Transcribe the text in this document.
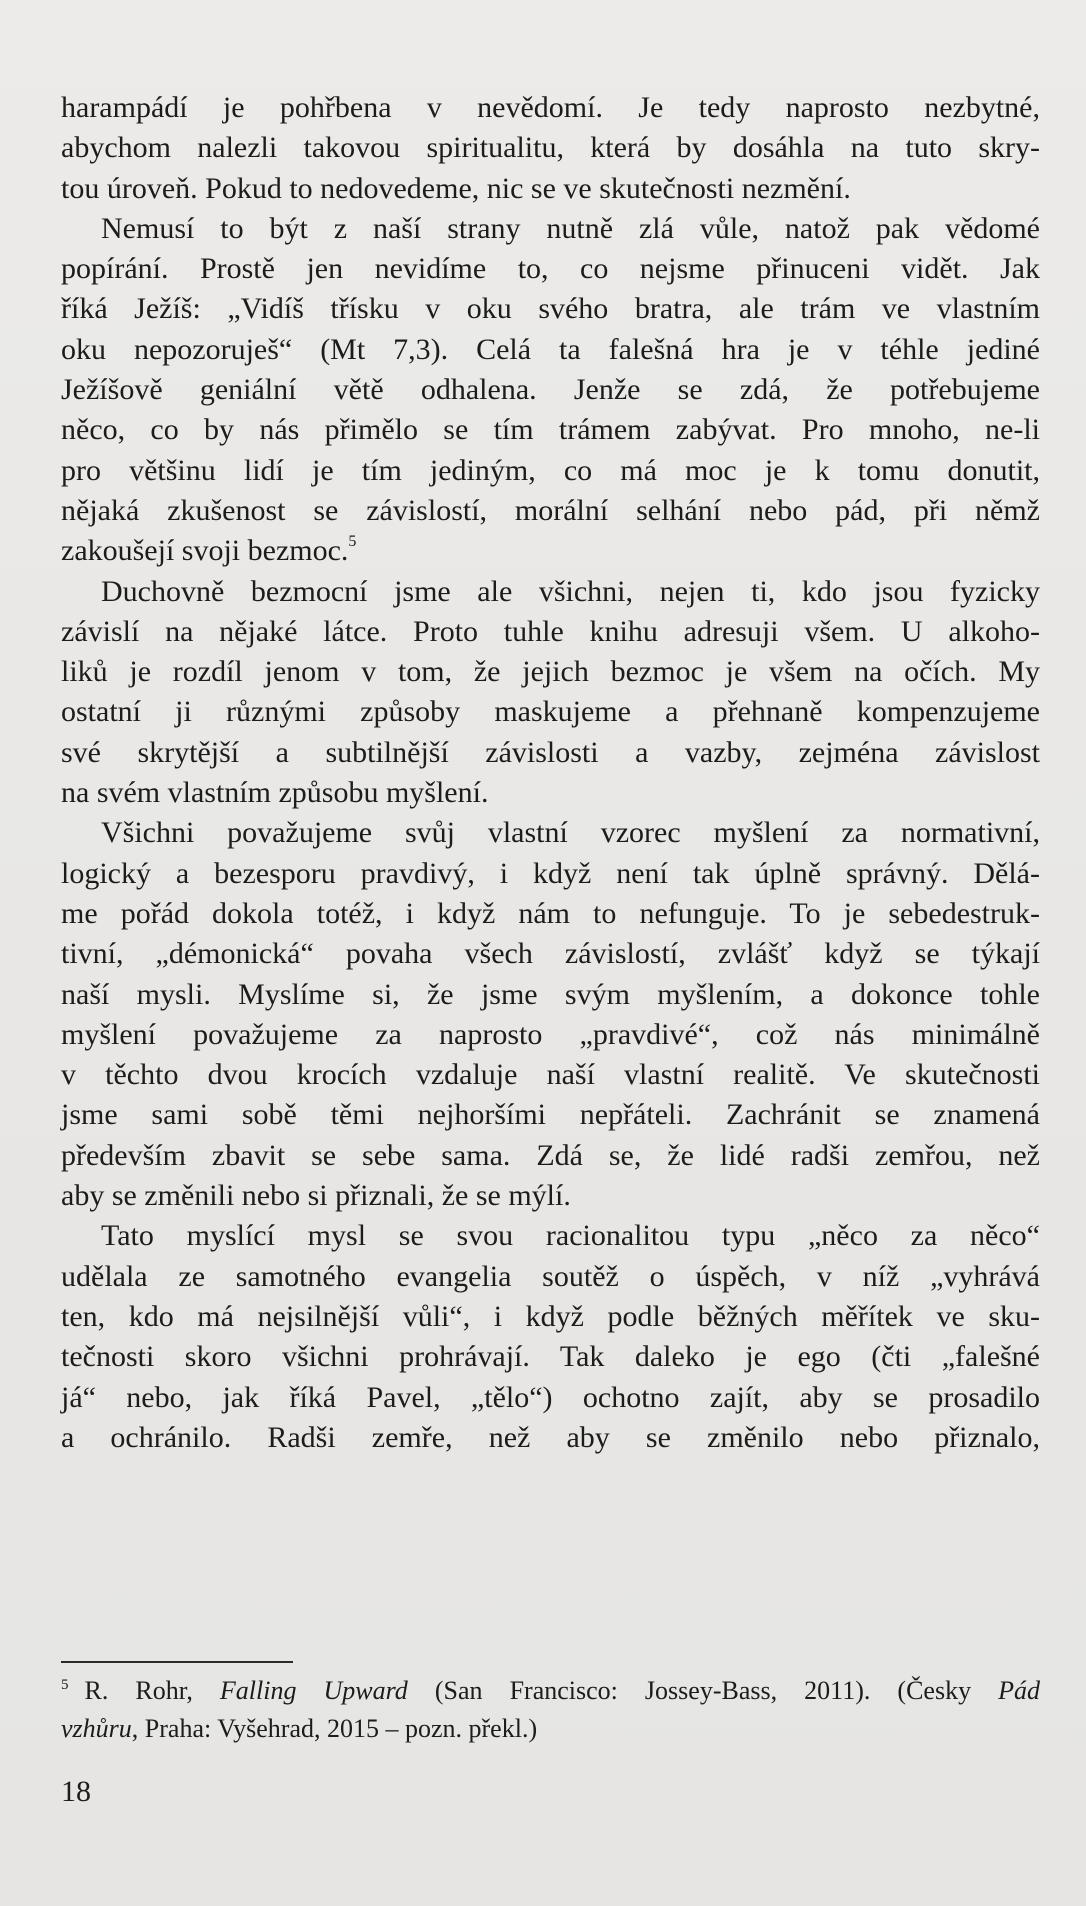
harampádí je pohřbena v nevědomí. Je tedy naprosto nezbytné,
abychom nalezli takovou spiritualitu, která by dosáhla na tuto skry-
tou úroveň. Pokud to nedovedeme, nic se ve skutečnosti nezmění.
Nemusí to být z naší strany nutně zlá vůle, natož pak vědomé
popírání. Prostě jen nevidíme to, co nejsme přinuceni vidět. Jak
říká Ježíš: „Vidíš třísku v oku svého bratra, ale trám ve vlastním
oku nepozoruješ“ (Mt 7,3). Celá ta falešná hra je v téhle jediné
Ježíšově geniální větě odhalena. Jenže se zdá, že potřebujeme
něco, co by nás přimělo se tím trámem zabývat. Pro mnoho, ne-li
pro většinu lidí je tím jediným, co má moc je k tomu donutit,
nějaká zkušenost se závislostí, morální selhání nebo pád, při němž
zakoušejí svoji bezmoc.$^5$
Duchovně bezmocní jsme ale všichni, nejen ti, kdo jsou fyzicky
závislí na nějaké látce. Proto tuhle knihu adresuji všem. U alkoho-
liků je rozdíl jenom v tom, že jejich bezmoc je všem na očích. My
ostatní ji různými způsoby maskujeme a přehnaně kompenzujeme
své skrytější a subtilnější závislosti a vazby, zejména závislost
na svém vlastním způsobu myšlení.
Všichni považujeme svůj vlastní vzorec myšlení za normativní,
logický a bezesporu pravdivý, i když není tak úplně správný. Dělá-
me pořád dokola totéž, i když nám to nefunguje. To je sebedestruk-
tivní, „démonická“ povaha všech závislostí, zvlášť když se týkají
naší mysli. Myslíme si, že jsme svým myšlením, a dokonce tohle
myšlení považujeme za naprosto „pravdivé“, což nás minimálně
v těchto dvou krocích vzdaluje naší vlastní realitě. Ve skutečnosti
jsme sami sobě těmi nejhoršími nepřáteli. Zachránit se znamená
především zbavit se sebe sama. Zdá se, že lidé radši zemřou, než
aby se změnili nebo si přiznali, že se mýlí.
Tato myslící mysl se svou racionalitou typu „něco za něco“
udělala ze samotného evangelia soutěž o úspěch, v níž „vyhrává
ten, kdo má nejsilnější vůli“, i když podle běžných měřítek ve sku-
tečnosti skoro všichni prohrávají. Tak daleko je ego (čti „falešné
já“ nebo, jak říká Pavel, „tělo“) ochotno zajít, aby se prosadilo
a ochránilo. Radši zemře, než aby se změnilo nebo přiznalo,
$^5$ R. Rohr, Falling Upward (San Francisco: Jossey-Bass, 2011). (Česky Pád
vzhůru, Praha: Vyšehrad, 2015 – pozn. překl.)
18
